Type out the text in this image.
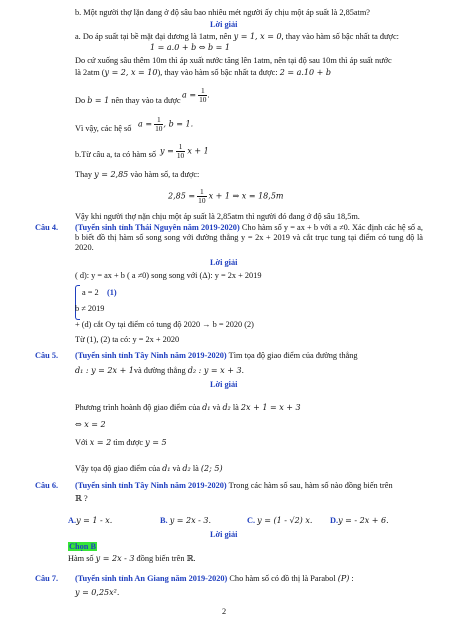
b. Một người thợ lặn đang ở độ sâu bao nhiêu mét người ấy chịu một áp suất là 2,85atm?
Lời giải
a. Do áp suất tại bề mặt đại dương là 1atm, nên y = 1, x = 0, thay vào hàm số bậc nhất ta được:
1 = a.0 + b ⇔ b = 1
Do cứ xuống sâu thêm 10m thì áp xuất nước tăng lên 1atm, nên tại độ sau 10m thì áp suất nước
là 2atm (y = 2, x = 10), thay vào hàm số bậc nhất ta được: 2 = a.10 + b
Do b = 1 nên thay vào ta được
$a = \frac{1}{10}$ .
Vì vậy, các hệ số
$a = \frac{1}{10}$ , b = 1.
b.Từ câu a, ta có hàm số $y = \frac{1}{10}$ x + 1
Thay y = 2,85 vào hàm số, ta được:
$2,85 = \frac{1}{10}$ x + 1 ⇒ x = 18,5m
Vậy khi người thợ nặn chịu một áp suất là 2,85atm thì người đó đang ở độ sâu 18,5m.
Câu 4. (Tuyển sinh tỉnh Thái Nguyên năm 2019-2020) Cho hàm số y = ax + b với a ≠0. Xác định các hệ số a, b biết đồ thị hàm số song song với đường thẳng y = 2x + 2019 và cắt trục tung tại điểm có tung độ là 2020.
Lời giải
( d): y = ax + b ( a ≠0) song song với (Δ): y = 2x + 2019
a = 2 (1)
b ≠ 2019
+ (d) cắt Oy tại điểm có tung độ 2020 → b = 2020 (2)
Từ (1), (2) ta có: y = 2x + 2020
Câu 5. (Tuyển sinh tỉnh Tây Ninh năm 2019-2020) Tìm tọa độ giao điểm của đường thẳng
d₁ : y = 2x + 1và đường thẳng d₂ : y = x + 3.
Lời giải
Phương trình hoành độ giao điểm của d₁ và d₂ là 2x + 1 = x + 3
⇔ x = 2
Với x = 2 tìm được y = 5
Vậy tọa độ giao điểm của d₁ và d₂ là (2; 5)
Câu 6. (Tuyển sinh tỉnh Tây Ninh năm 2019-2020) Trong các hàm số sau, hàm số nào đồng biến trên
ℝ ?
A.y = 1 - x.	B. y = 2x - 3.	C. y = (1 - √2) x. D.y = - 2x + 6.
Lời giải
Chọn B
Hàm số y = 2x - 3 đồng biến trên ℝ.
Câu 7. (Tuyển sinh tỉnh An Giang năm 2019-2020) Cho hàm số có đồ thị là Parabol (P) :
y = 0,25x².
2
